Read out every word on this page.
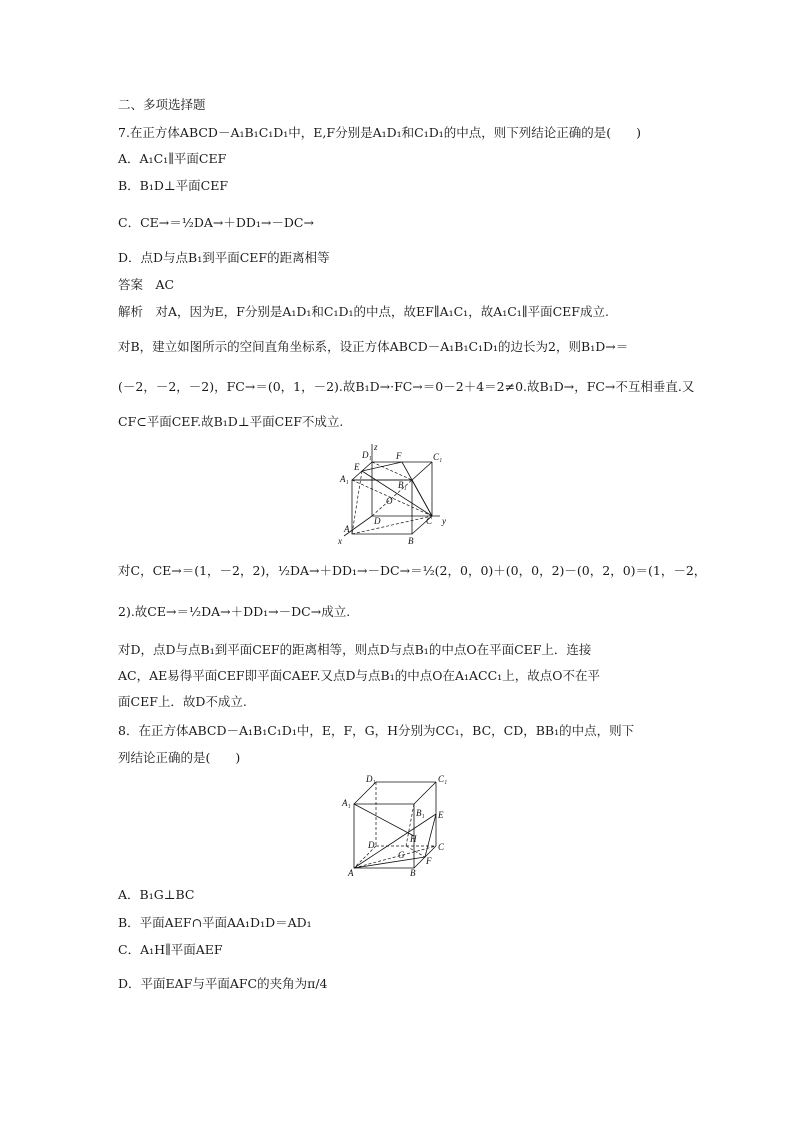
二、多项选择题
7.在正方体ABCD－A₁B₁C₁D₁中，E,F分别是A₁D₁和C₁D₁的中点，则下列结论正确的是(　　)
A．A₁C₁∥平面CEF
B．B₁D⊥平面CEF
C．CE→＝½DA→＋DD₁→－DC→
D．点D与点B₁到平面CEF的距离相等
答案　AC
解析　对A，因为E，F分别是A₁D₁和C₁D₁的中点，故EF∥A₁C₁，故A₁C₁∥平面CEF成立.
对B，建立如图所示的空间直角坐标系，设正方体ABCD－A₁B₁C₁D₁的边长为2，则B₁D→＝
(－2，－2，－2)，FC→＝(0，1，－2).故B₁D→·FC→＝0－2＋4＝2≠0.故B₁D→，FC→不互相垂直.又
CF⊂平面CEF.故B₁D⊥平面CEF不成立.
z
D₁	F	C₁
E
A₁
B₁
O
D	C y
A
B
x
对C，CE→＝(1，－2，2)，½DA→＋DD₁→－DC→＝½(2，0，0)＋(0，0，2)－(0，2，0)＝(1，－2，
2).故CE→＝½DA→＋DD₁→－DC→成立.
对D，点D与点B₁到平面CEF的距离相等，则点D与点B₁的中点O在平面CEF上．连接
AC，AE易得平面CEF即平面CAEF.又点D与点B₁的中点O在A₁ACC₁上，故点O不在平
面CEF上．故D不成立.
8．在正方体ABCD－A₁B₁C₁D₁中，E，F，G，H分别为CC₁，BC，CD，BB₁的中点，则下
列结论正确的是(　　)
D₁	C₁
A₁
B₁ E
D
H
C
G
F
A	B
A．B₁G⊥BC
B．平面AEF∩平面AA₁D₁D＝AD₁
C．A₁H∥平面AEF
D．平面EAF与平面AFC的夹角为π/4
